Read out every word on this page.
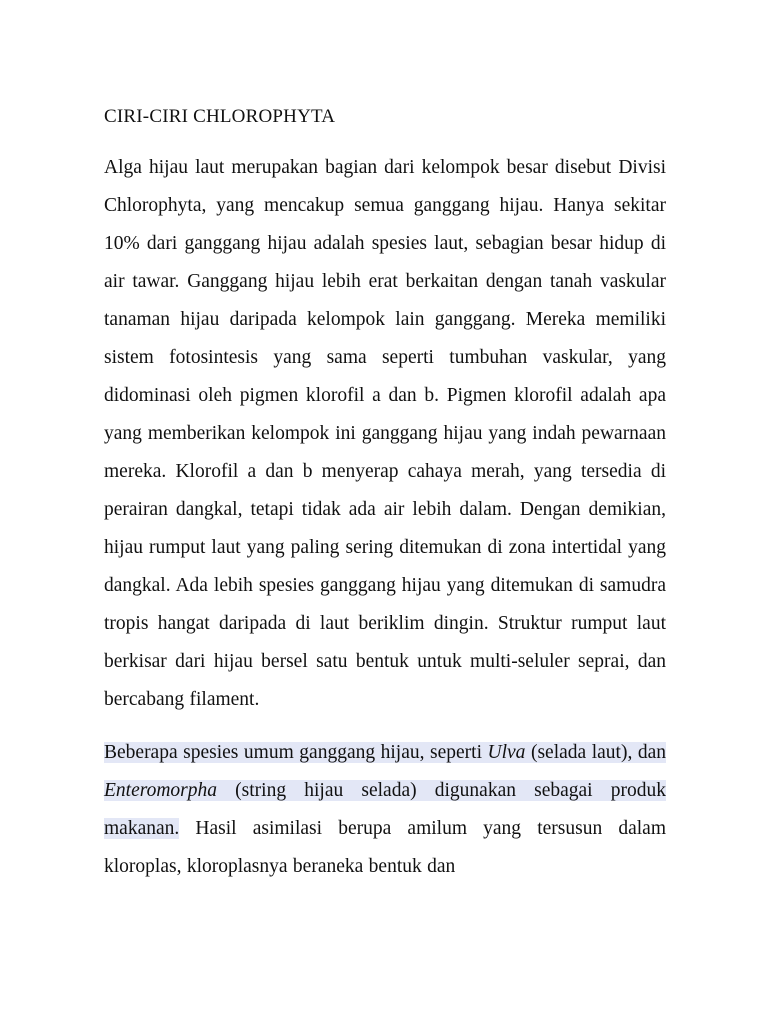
CIRI-CIRI CHLOROPHYTA

Alga hijau laut merupakan bagian dari kelompok besar disebut Divisi Chlorophyta, yang mencakup semua ganggang hijau. Hanya sekitar 10% dari ganggang hijau adalah spesies laut, sebagian besar hidup di air tawar. Ganggang hijau lebih erat berkaitan dengan tanah vaskular tanaman hijau daripada kelompok lain ganggang. Mereka memiliki sistem fotosintesis yang sama seperti tumbuhan vaskular, yang didominasi oleh pigmen klorofil a dan b. Pigmen klorofil adalah apa yang memberikan kelompok ini ganggang hijau yang indah pewarnaan mereka. Klorofil a dan b menyerap cahaya merah, yang tersedia di perairan dangkal, tetapi tidak ada air lebih dalam. Dengan demikian, hijau rumput laut yang paling sering ditemukan di zona intertidal yang dangkal. Ada lebih spesies ganggang hijau yang ditemukan di samudra tropis hangat daripada di laut beriklim dingin. Struktur rumput laut berkisar dari hijau bersel satu bentuk untuk multi-seluler seprai, dan bercabang filament.

Beberapa spesies umum ganggang hijau, seperti Ulva (selada laut), dan Enteromorpha (string hijau selada) digunakan sebagai produk makanan. Hasil asimilasi berupa amilum yang tersusun dalam kloroplas, kloroplasnya beraneka bentuk dan
